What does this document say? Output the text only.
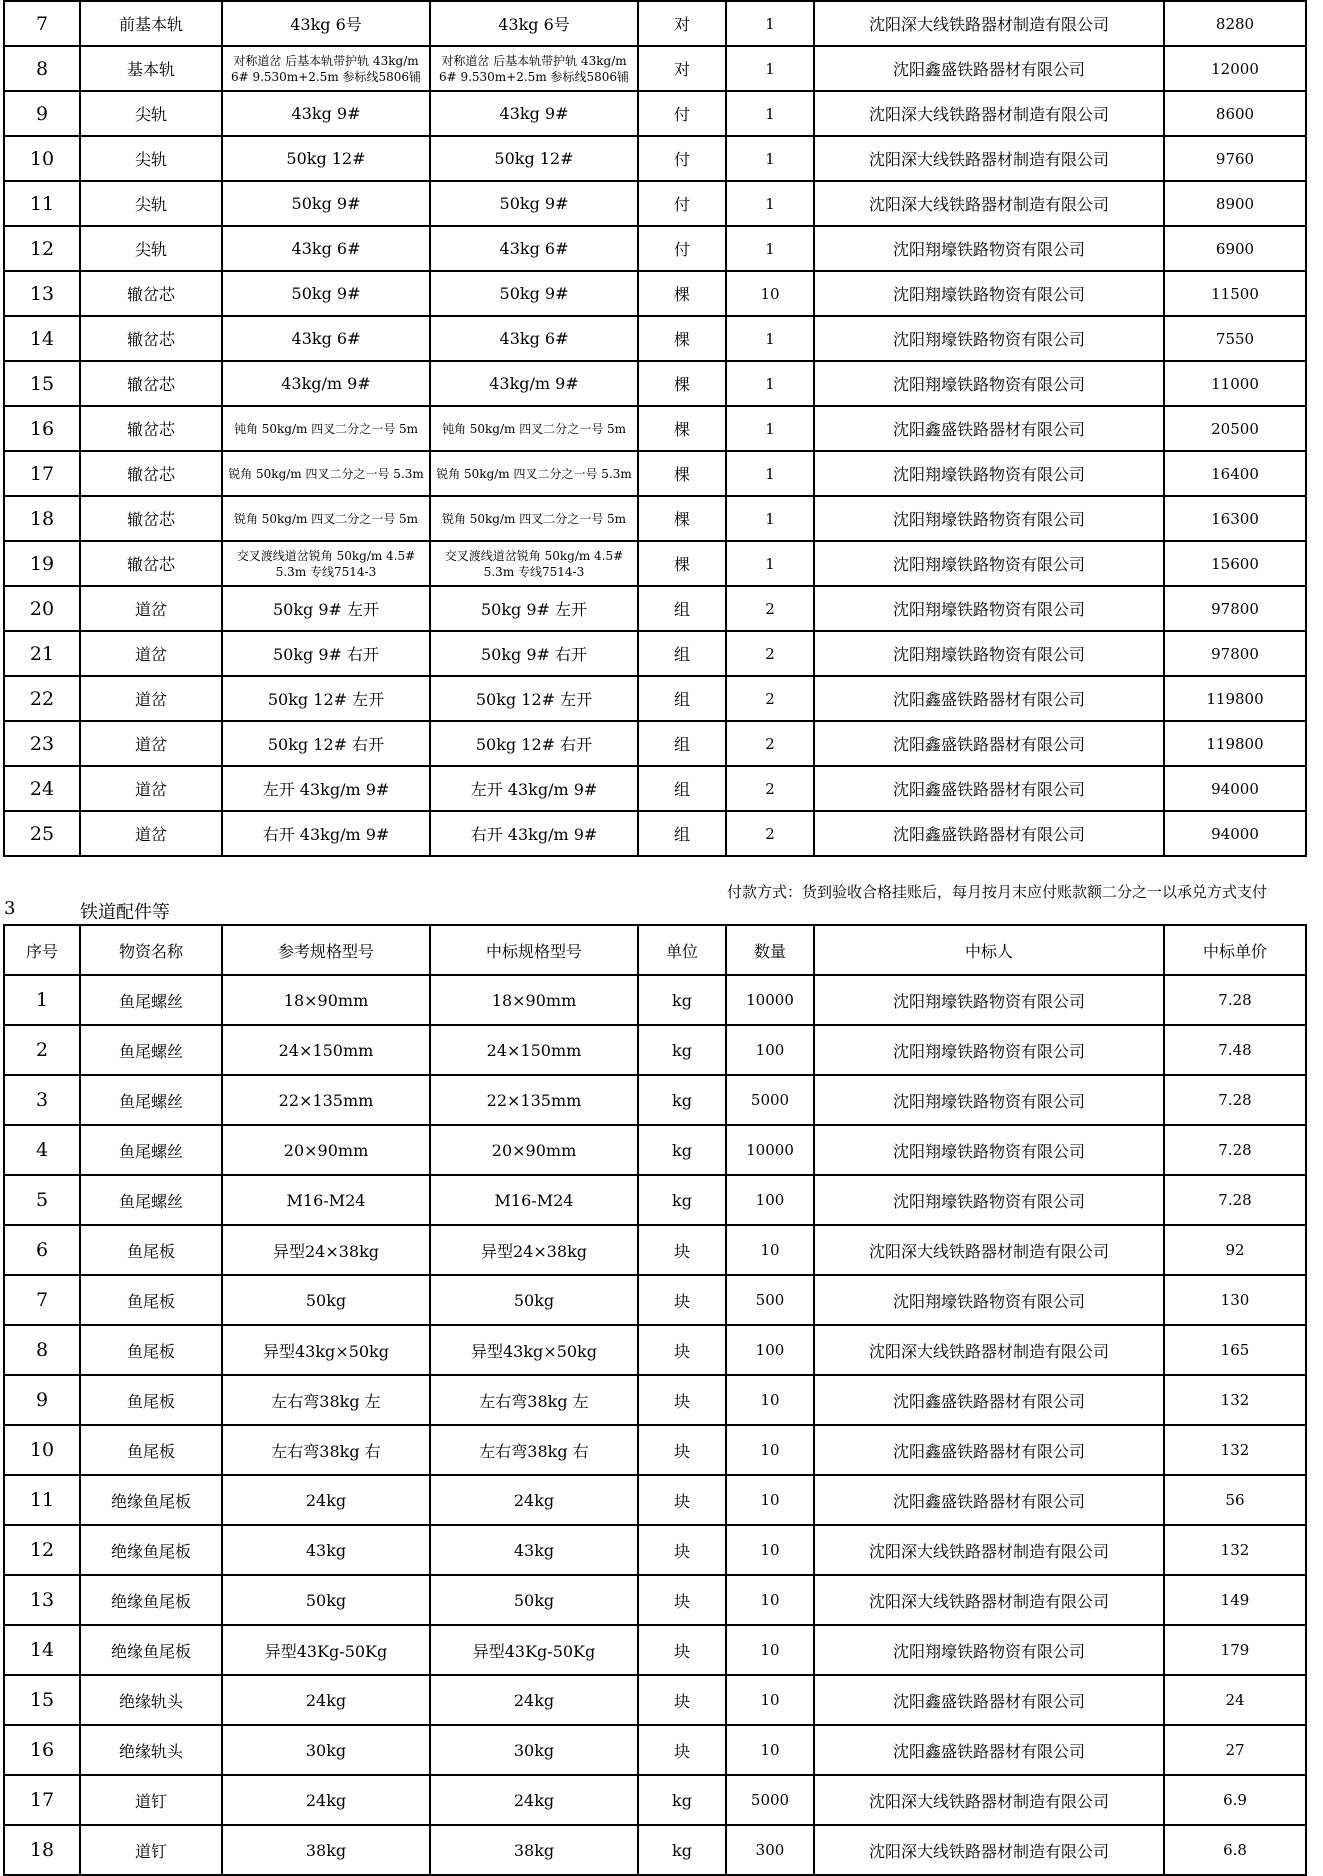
7	前基本轨	43kg 6号	43kg 6号	对	1	沈阳深大线铁路器材制造有限公司	8280
8	基本轨	对称道岔 后基本轨带护轨 43kg/m 6# 9.530m+2.5m 参标线5806铺	对称道岔 后基本轨带护轨 43kg/m 6# 9.530m+2.5m 参标线5806铺	对	1	沈阳鑫盛铁路器材有限公司	12000
9	尖轨	43kg 9#	43kg 9#	付	1	沈阳深大线铁路器材制造有限公司	8600
10	尖轨	50kg 12#	50kg 12#	付	1	沈阳深大线铁路器材制造有限公司	9760
11	尖轨	50kg 9#	50kg 9#	付	1	沈阳深大线铁路器材制造有限公司	8900
12	尖轨	43kg 6#	43kg 6#	付	1	沈阳翔壕铁路物资有限公司	6900
13	辙岔芯	50kg 9#	50kg 9#	棵	10	沈阳翔壕铁路物资有限公司	11500
14	辙岔芯	43kg 6#	43kg 6#	棵	1	沈阳翔壕铁路物资有限公司	7550
15	辙岔芯	43kg/m 9#	43kg/m 9#	棵	1	沈阳翔壕铁路物资有限公司	11000
16	辙岔芯	钝角 50kg/m 四叉二分之一号 5m	钝角 50kg/m 四叉二分之一号 5m	棵	1	沈阳鑫盛铁路器材有限公司	20500
17	辙岔芯	锐角 50kg/m 四叉二分之一号 5.3m	锐角 50kg/m 四叉二分之一号 5.3m	棵	1	沈阳翔壕铁路物资有限公司	16400
18	辙岔芯	锐角 50kg/m 四叉二分之一号 5m	锐角 50kg/m 四叉二分之一号 5m	棵	1	沈阳翔壕铁路物资有限公司	16300
19	辙岔芯	交叉渡线道岔锐角 50kg/m 4.5# 5.3m 专线7514-3	交叉渡线道岔锐角 50kg/m 4.5# 5.3m 专线7514-3	棵	1	沈阳翔壕铁路物资有限公司	15600
20	道岔	50kg 9# 左开	50kg 9# 左开	组	2	沈阳翔壕铁路物资有限公司	97800
21	道岔	50kg 9# 右开	50kg 9# 右开	组	2	沈阳翔壕铁路物资有限公司	97800
22	道岔	50kg 12# 左开	50kg 12# 左开	组	2	沈阳鑫盛铁路器材有限公司	119800
23	道岔	50kg 12# 右开	50kg 12# 右开	组	2	沈阳鑫盛铁路器材有限公司	119800
24	道岔	左开 43kg/m 9#	左开 43kg/m 9#	组	2	沈阳鑫盛铁路器材有限公司	94000
25	道岔	右开 43kg/m 9#	右开 43kg/m 9#	组	2	沈阳鑫盛铁路器材有限公司	94000
3	铁道配件等
付款方式：货到验收合格挂账后，每月按月末应付账款额二分之一以承兑方式支付
序号	物资名称	参考规格型号	中标规格型号	单位	数量	中标人	中标单价
1	鱼尾螺丝	18×90mm	18×90mm	kg	10000	沈阳翔壕铁路物资有限公司	7.28
2	鱼尾螺丝	24×150mm	24×150mm	kg	100	沈阳翔壕铁路物资有限公司	7.48
3	鱼尾螺丝	22×135mm	22×135mm	kg	5000	沈阳翔壕铁路物资有限公司	7.28
4	鱼尾螺丝	20×90mm	20×90mm	kg	10000	沈阳翔壕铁路物资有限公司	7.28
5	鱼尾螺丝	M16-M24	M16-M24	kg	100	沈阳翔壕铁路物资有限公司	7.28
6	鱼尾板	异型24×38kg	异型24×38kg	块	10	沈阳深大线铁路器材制造有限公司	92
7	鱼尾板	50kg	50kg	块	500	沈阳翔壕铁路物资有限公司	130
8	鱼尾板	异型43kg×50kg	异型43kg×50kg	块	100	沈阳深大线铁路器材制造有限公司	165
9	鱼尾板	左右弯38kg 左	左右弯38kg 左	块	10	沈阳鑫盛铁路器材有限公司	132
10	鱼尾板	左右弯38kg 右	左右弯38kg 右	块	10	沈阳鑫盛铁路器材有限公司	132
11	绝缘鱼尾板	24kg	24kg	块	10	沈阳鑫盛铁路器材有限公司	56
12	绝缘鱼尾板	43kg	43kg	块	10	沈阳深大线铁路器材制造有限公司	132
13	绝缘鱼尾板	50kg	50kg	块	10	沈阳深大线铁路器材制造有限公司	149
14	绝缘鱼尾板	异型43Kg-50Kg	异型43Kg-50Kg	块	10	沈阳翔壕铁路物资有限公司	179
15	绝缘轨头	24kg	24kg	块	10	沈阳鑫盛铁路器材有限公司	24
16	绝缘轨头	30kg	30kg	块	10	沈阳鑫盛铁路器材有限公司	27
17	道钉	24kg	24kg	kg	5000	沈阳深大线铁路器材制造有限公司	6.9
18	道钉	38kg	38kg	kg	300	沈阳深大线铁路器材制造有限公司	6.8
